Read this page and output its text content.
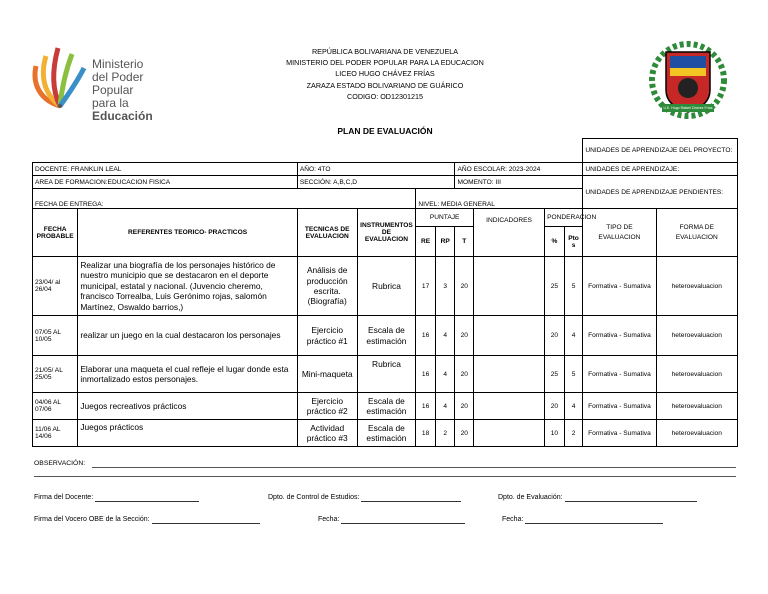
Ministerio
del Poder Popular
para la Educación
U.E. Hugo Rafael Chávez Frías
REPÚBLICA BOLIVARIANA DE VENEZUELA
MINISTERIO DEL PODER POPULAR PARA LA EDUCACION
LICEO HUGO CHÁVEZ FRÍAS
ZARAZA ESTADO BOLIVARIANO DE GUÁRICO
CODIGO: OD12301215
PLAN DE EVALUACIÓN
										UNIDADES DE APRENDIZAJE DEL PROYECTO:	
DOCENTE: FRANKLIN LEAL		AÑO: 4TO				AÑO ESCOLAR: 2023-2024				UNIDADES DE APRENDIZAJE:	
AREA DE FORMACION:EDUCACION FISICA		SECCIÓN: A,B,C,D				MOMENTO: III				UNIDADES DE APRENDIZAJE PENDIENTES:	
FECHA DE ENTREGA:				NIVEL: MEDIA GENERAL							
FECHA PROBABLE	REFERENTES TEORICO- PRACTICOS	TECNICAS DE EVALUACION	INSTRUMENTOS DE EVALUACION	PUNTAJE			INDICADORES	PONDERACION		TIPO DE EVALUACION	FORMA DE EVALUACION
				RE	RP	T		%	Ptos		
23/04/ al 26/04	Realizar una biografía de los personajes histórico de nuestro municipio que se destacaron en el deporte municipal, estatal y nacional. (Juvencio cheremo, francisco Torrealba, Luis Gerónimo rojas, salomón Martínez, Oswaldo barrios,)	Análisis de producción escrita. (Biografía)	Rubrica	17	3	20		25	5	Formativa - Sumativa	heteroevaluacion
07/05 AL 10/05	realizar un juego en la cual destacaron los personajes	Ejercicio práctico #1	Escala de estimación	16	4	20		20	4	Formativa - Sumativa	heteroevaluacion
21/05/ AL 25/05	Elaborar una maqueta el cual refleje el lugar donde esta inmortalizado estos personajes.	Mini-maqueta	Rubrica	16	4	20		25	5	Formativa - Sumativa	heteroevaluacion
04/06 AL 07/06	Juegos recreativos prácticos	Ejercicio práctico #2	Escala de estimación	16	4	20		20	4	Formativa - Sumativa	heteroevaluacion
11/06 AL 14/06	Juegos prácticos	Actividad práctico #3	Escala de estimación	18	2	20		10	2	Formativa - Sumativa	heteroevaluacion
OBSERVACIÓN:
Firma del Docente:	Dpto. de Control de Estudios:	Dpto. de Evaluación:
Firma del Vocero OBE de la Sección:	Fecha:	Fecha:
